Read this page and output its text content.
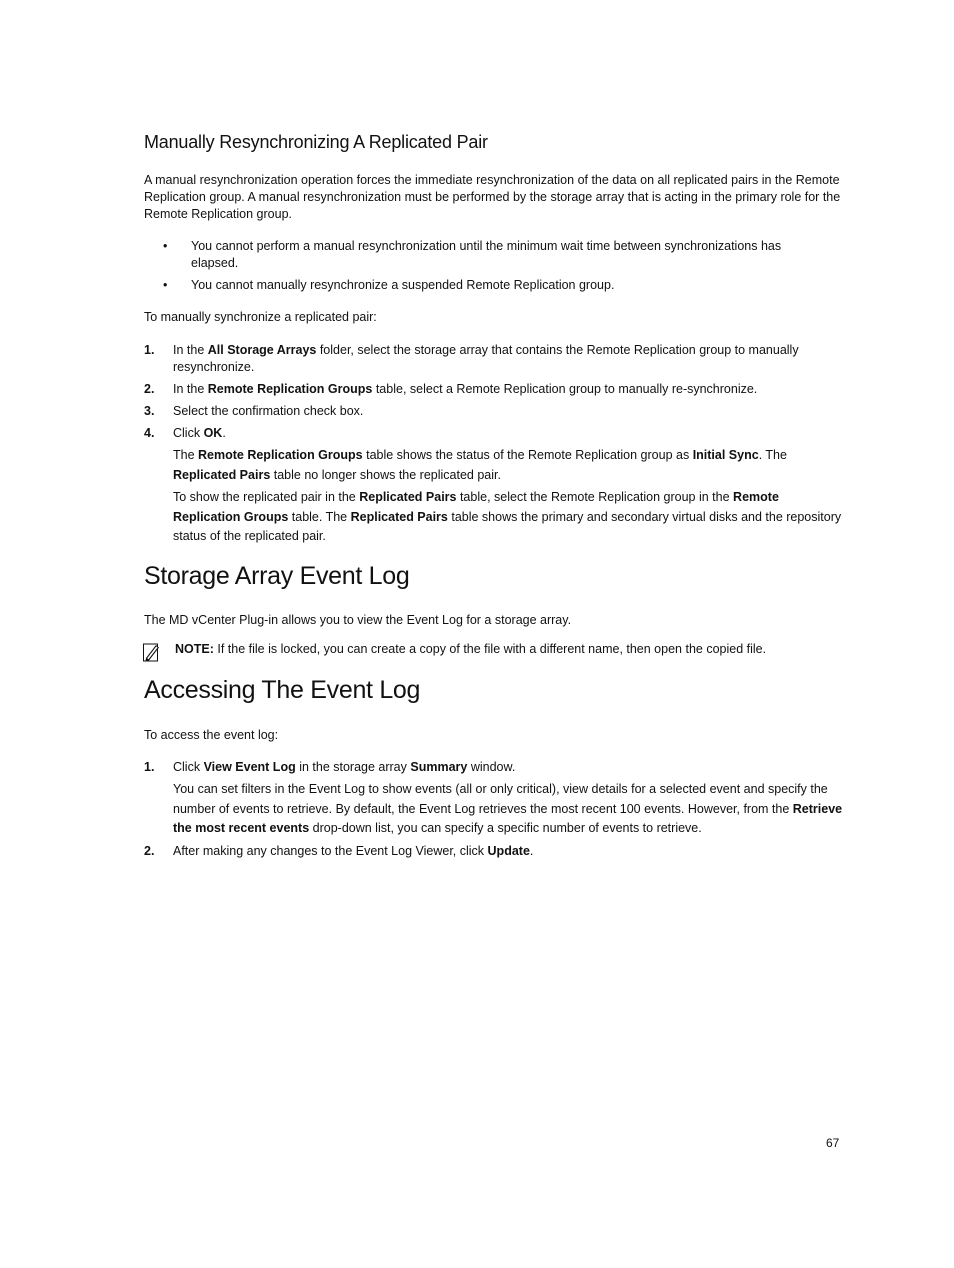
Manually Resynchronizing A Replicated Pair
A manual resynchronization operation forces the immediate resynchronization of the data on all replicated pairs in the Remote Replication group. A manual resynchronization must be performed by the storage array that is acting in the primary role for the Remote Replication group.
• You cannot perform a manual resynchronization until the minimum wait time between synchronizations has elapsed.
• You cannot manually resynchronize a suspended Remote Replication group.
To manually synchronize a replicated pair:
1. In the All Storage Arrays folder, select the storage array that contains the Remote Replication group to manually resynchronize.
2. In the Remote Replication Groups table, select a Remote Replication group to manually re-synchronize.
3. Select the confirmation check box.
4. Click OK.
The Remote Replication Groups table shows the status of the Remote Replication group as Initial Sync. The Replicated Pairs table no longer shows the replicated pair.
To show the replicated pair in the Replicated Pairs table, select the Remote Replication group in the Remote Replication Groups table. The Replicated Pairs table shows the primary and secondary virtual disks and the repository status of the replicated pair.
Storage Array Event Log
The MD vCenter Plug-in allows you to view the Event Log for a storage array.
NOTE: If the file is locked, you can create a copy of the file with a different name, then open the copied file.
Accessing The Event Log
To access the event log:
1. Click View Event Log in the storage array Summary window.
You can set filters in the Event Log to show events (all or only critical), view details for a selected event and specify the number of events to retrieve. By default, the Event Log retrieves the most recent 100 events. However, from the Retrieve the most recent events drop-down list, you can specify a specific number of events to retrieve.
2. After making any changes to the Event Log Viewer, click Update.
67
